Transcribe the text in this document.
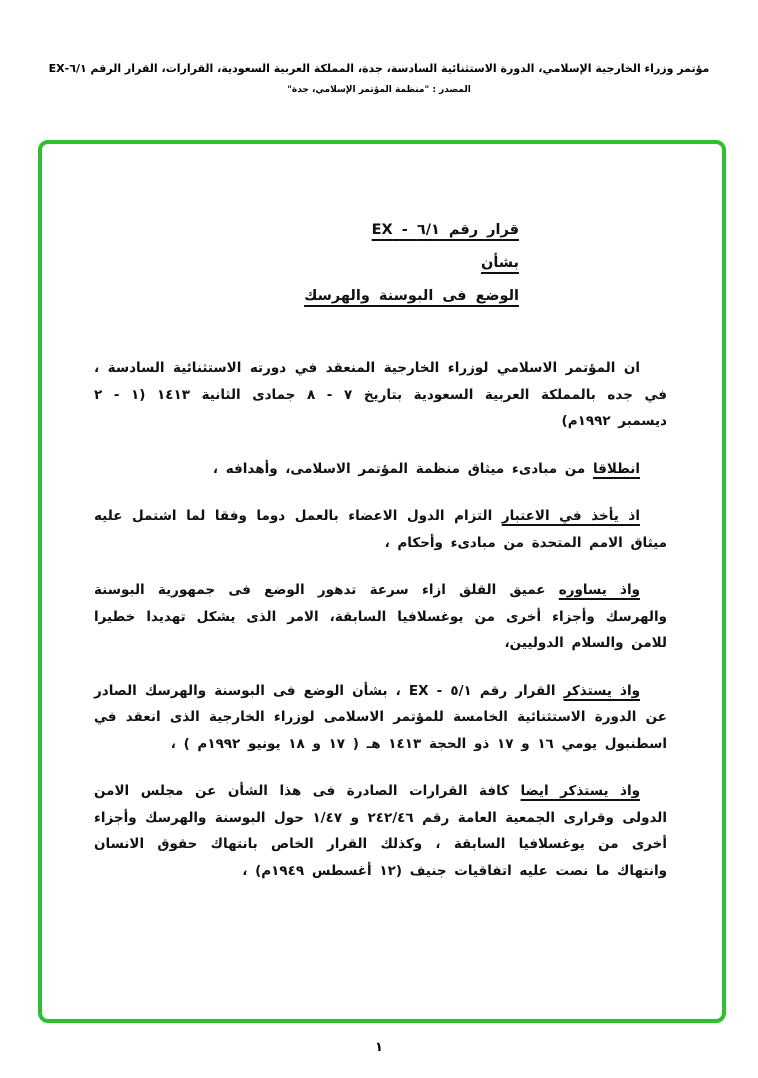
مؤتمر وزراء الخارجية الإسلامي، الدورة الاستثنائية السادسة، جدة، المملكة العربية السعودية، القرارات، القرار الرقم ٦/١-EX
المصدر : "منظمة المؤتمر الإسلامي، جدة"
قرار رقم ٦/١ - EX
بشأن
الوضع فى البوسنة والهرسك

ان المؤتمر الاسلامي لوزراء الخارجية المنعقد في دورته الاستثنائية السادسة ، في جده بالمملكة العربية السعودية بتاريخ ٧ - ٨ جمادى الثانية ١٤١٣ (١ - ٢ ديسمبر ١٩٩٢م)

انطلاقا من مبادىء ميثاق منظمة المؤتمر الاسلامى، وأهدافه ،

اذ يأخذ في الاعتبار التزام الدول الاعضاء بالعمل دوما وفقا لما اشتمل عليه ميثاق الامم المتحدة من مبادىء وأحكام ،

واذ يساوره عميق القلق ازاء سرعة تدهور الوضع فى جمهورية البوسنة والهرسك وأجزاء أخرى من يوغسلافيا السابقة، الامر الذى يشكل تهديدا خطيرا للامن والسلام الدوليين،

واذ يستذكر القرار رقم ٥/١ - EX ، بشأن الوضع فى البوسنة والهرسك الصادر عن الدورة الاستثنائية الخامسة للمؤتمر الاسلامى لوزراء الخارجية الذى انعقد في اسطنبول يومي ١٦ و ١٧ ذو الحجة ١٤١٣ هـ ( ١٧ و ١٨ يونيو ١٩٩٢م ) ،

واذ يستذكر ايضا كافة القرارات الصادرة فى هذا الشأن عن مجلس الامن الدولى وقرارى الجمعية العامة رقم ٢٤٢/٤٦ و ١/٤٧ حول البوسنة والهرسك وأجزاء أخرى من يوغسلافيا السابقة ، وكذلك القرار الخاص بانتهاك حقوق الانسان وانتهاك ما نصت عليه اتفاقيات جنيف (١٢ أغسطس ١٩٤٩م) ،

١
